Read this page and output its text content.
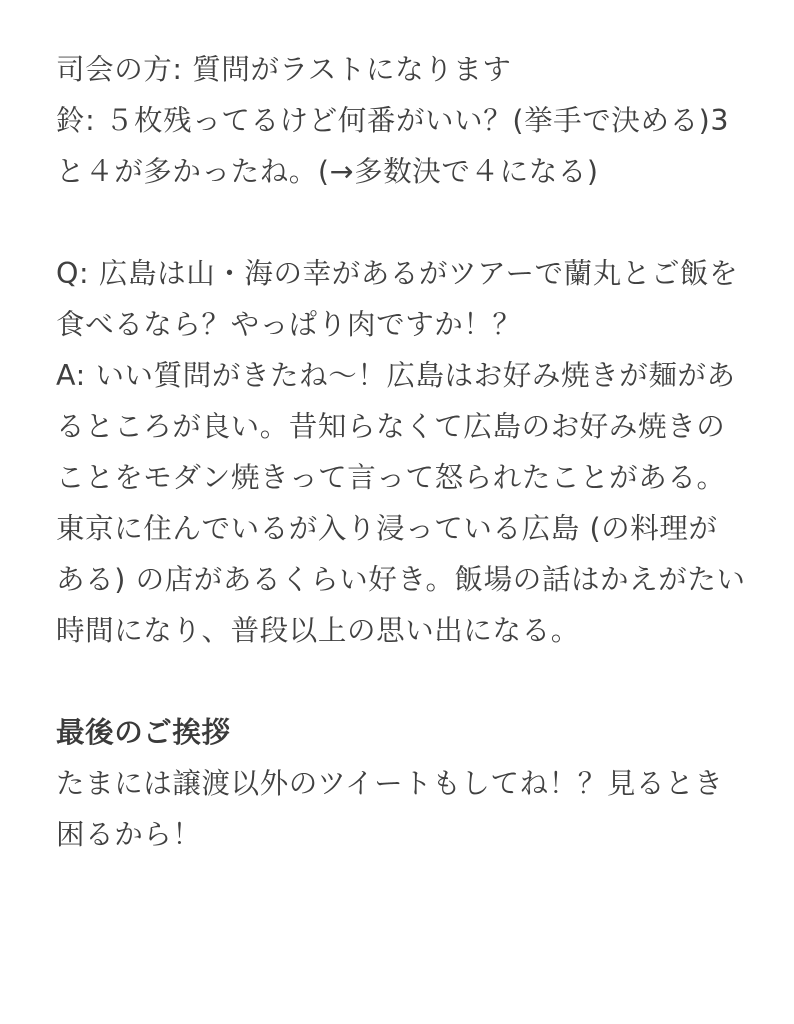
司会の方: 質問がラストになります

鈴: ５枚残ってるけど何番がいい？(挙手で決める)3と４が多かったね。(→多数決で４になる)

Q: 広島は山・海の幸があるがツアーで蘭丸とご飯を食べるなら？やっぱり肉ですか！？

A: いい質問がきたね〜！広島はお好み焼きが麺があるところが良い。昔知らなくて広島のお好み焼きのことをモダン焼きって言って怒られたことがある。東京に住んでいるが入り浸っている広島 (の料理がある) の店があるくらい好き。飯場の話はかえがたい時間になり、普段以上の思い出になる。

最後のご挨拶

たまには譲渡以外のツイートもしてね！？見るとき困るから！
